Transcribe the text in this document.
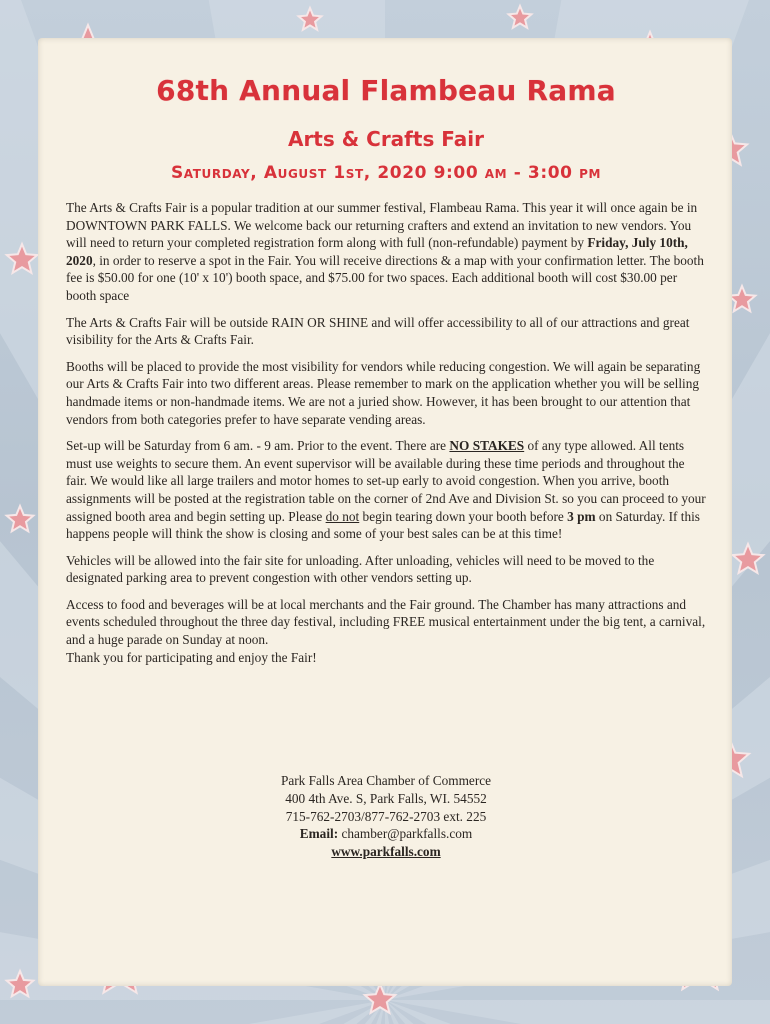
68th Annual Flambeau Rama
Arts & Crafts Fair
Saturday, August 1st, 2020 9:00 am - 3:00 pm

The Arts & Crafts Fair is a popular tradition at our summer festival, Flambeau Rama. This year it will once again be in DOWNTOWN PARK FALLS. We welcome back our returning crafters and extend an invitation to new vendors. You will need to return your completed registration form along with full (non-refundable) payment by Friday, July 10th, 2020, in order to reserve a spot in the Fair. You will receive directions & a map with your confirmation letter. The booth fee is $50.00 for one (10' x 10') booth space, and $75.00 for two spaces. Each additional booth will cost $30.00 per booth space

The Arts & Crafts Fair will be outside RAIN OR SHINE and will offer accessibility to all of our attractions and great visibility for the Arts & Crafts Fair.

Booths will be placed to provide the most visibility for vendors while reducing congestion. We will again be separating our Arts & Crafts Fair into two different areas. Please remember to mark on the application whether you will be selling handmade items or non-handmade items. We are not a juried show. However, it has been brought to our attention that vendors from both categories prefer to have separate vending areas.

Set-up will be Saturday from 6 am. - 9 am. Prior to the event. There are NO STAKES of any type allowed. All tents must use weights to secure them. An event supervisor will be available during these time periods and throughout the fair. We would like all large trailers and motor homes to set-up early to avoid congestion. When you arrive, booth assignments will be posted at the registration table on the corner of 2nd Ave and Division St. so you can proceed to your assigned booth area and begin setting up. Please do not begin tearing down your booth before 3 pm on Saturday. If this happens people will think the show is closing and some of your best sales can be at this time!

Vehicles will be allowed into the fair site for unloading. After unloading, vehicles will need to be moved to the designated parking area to prevent congestion with other vendors setting up.

Access to food and beverages will be at local merchants and the Fair ground. The Chamber has many attractions and events scheduled throughout the three day festival, including FREE musical entertainment under the big tent, a carnival, and a huge parade on Sunday at noon.

Thank you for participating and enjoy the Fair!

Park Falls Area Chamber of Commerce
400 4th Ave. S, Park Falls, WI. 54552
715-762-2703/877-762-2703 ext. 225
Email: chamber@parkfalls.com
www.parkfalls.com
